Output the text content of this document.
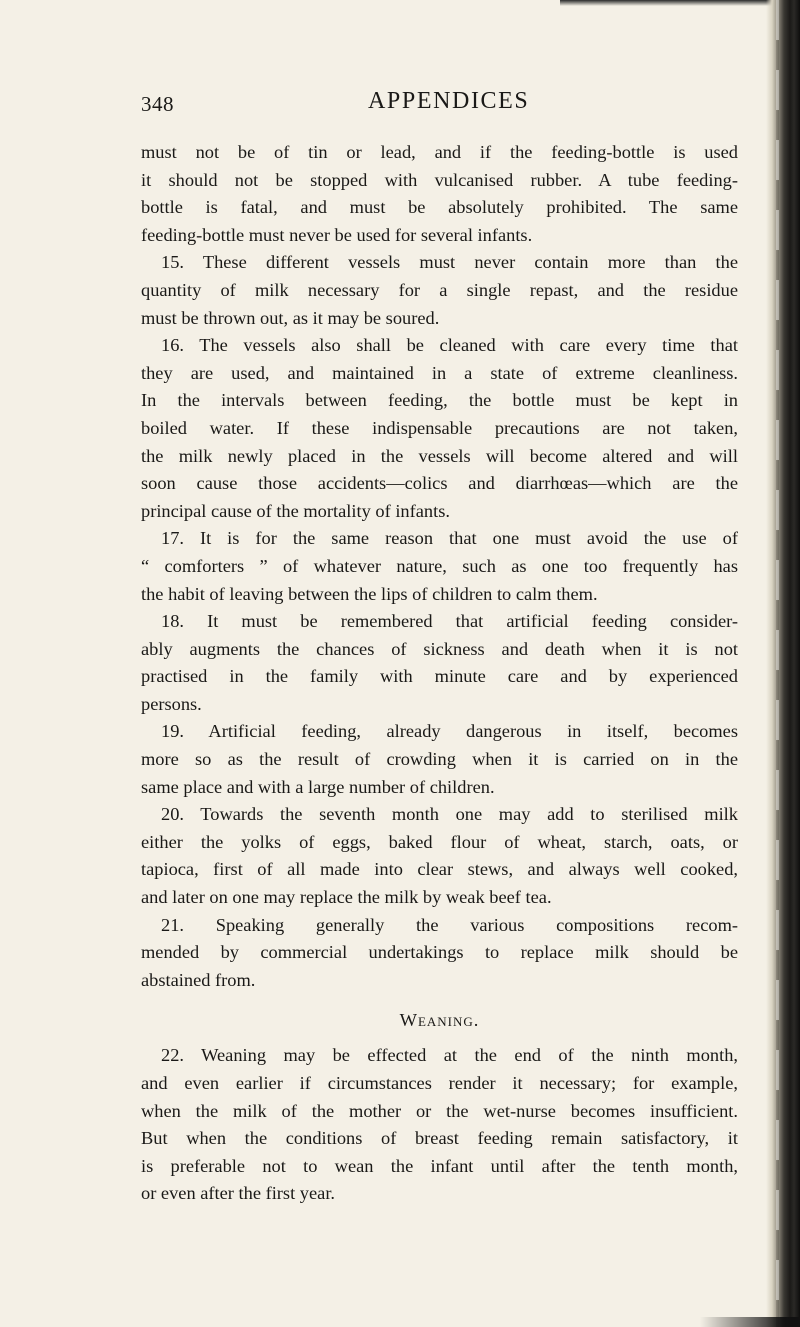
348	APPENDICES
must not be of tin or lead, and if the feeding-bottle is used
it should not be stopped with vulcanised rubber. A tube feeding-
bottle is fatal, and must be absolutely prohibited. The same
feeding-bottle must never be used for several infants.
15. These different vessels must never contain more than the
quantity of milk necessary for a single repast, and the residue
must be thrown out, as it may be soured.
16. The vessels also shall be cleaned with care every time that
they are used, and maintained in a state of extreme cleanliness.
In the intervals between feeding, the bottle must be kept in
boiled water. If these indispensable precautions are not taken,
the milk newly placed in the vessels will become altered and will
soon cause those accidents—colics and diarrhœas—which are the
principal cause of the mortality of infants.
17. It is for the same reason that one must avoid the use of
“ comforters ” of whatever nature, such as one too frequently has
the habit of leaving between the lips of children to calm them.
18. It must be remembered that artificial feeding consider-
ably augments the chances of sickness and death when it is not
practised in the family with minute care and by experienced
persons.
19. Artificial feeding, already dangerous in itself, becomes
more so as the result of crowding when it is carried on in the
same place and with a large number of children.
20. Towards the seventh month one may add to sterilised milk
either the yolks of eggs, baked flour of wheat, starch, oats, or
tapioca, first of all made into clear stews, and always well cooked,
and later on one may replace the milk by weak beef tea.
21. Speaking generally the various compositions recom-
mended by commercial undertakings to replace milk should be
abstained from.
Weaning.
22. Weaning may be effected at the end of the ninth month,
and even earlier if circumstances render it necessary; for example,
when the milk of the mother or the wet-nurse becomes insufficient.
But when the conditions of breast feeding remain satisfactory, it
is preferable not to wean the infant until after the tenth month,
or even after the first year.
